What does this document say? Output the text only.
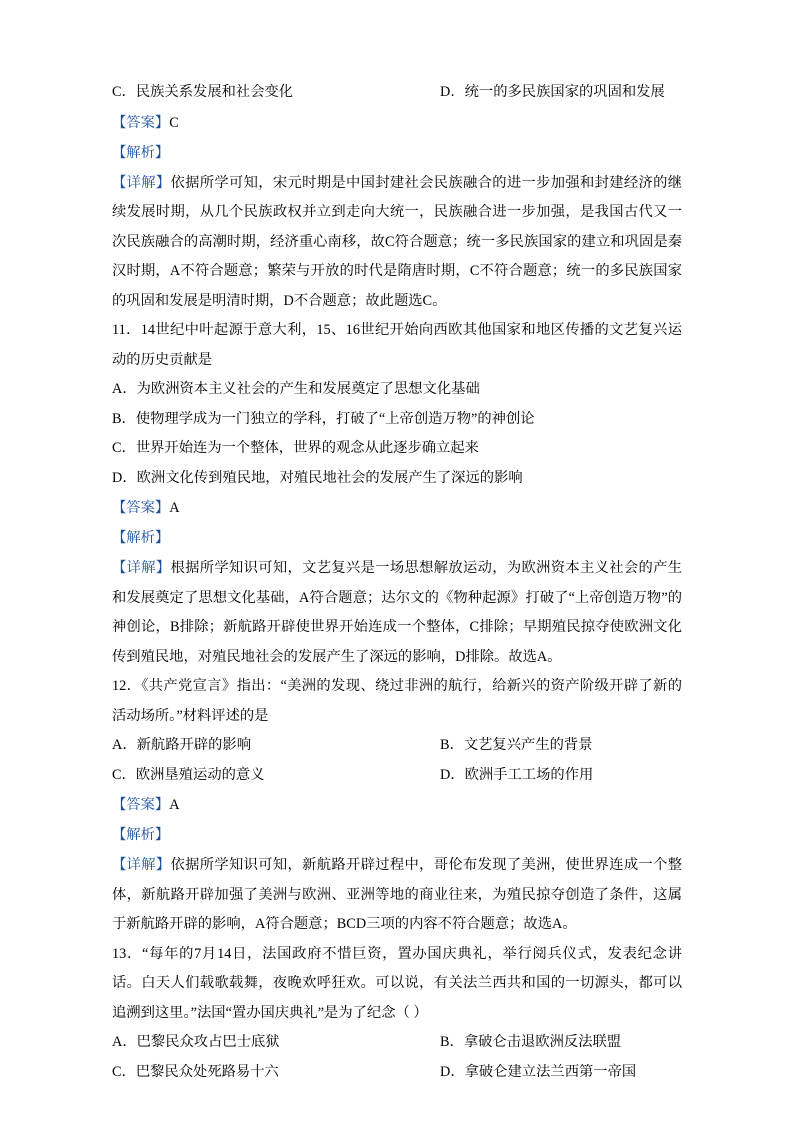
C．民族关系发展和社会变化	D．统一的多民族国家的巩固和发展
【答案】C
【解析】

【详解】依据所学可知，宋元时期是中国封建社会民族融合的进一步加强和封建经济的继续发展时期，从几个民族政权并立到走向大统一，民族融合进一步加强，是我国古代又一次民族融合的高潮时期，经济重心南移，故C符合题意；统一多民族国家的建立和巩固是秦汉时期，A不符合题意；繁荣与开放的时代是隋唐时期，C不符合题意；统一的多民族国家的巩固和发展是明清时期，D不合题意；故此题选C。

11．14世纪中叶起源于意大利，15、16世纪开始向西欧其他国家和地区传播的文艺复兴运动的历史贡献是

A．为欧洲资本主义社会的产生和发展奠定了思想文化基础
B．使物理学成为一门独立的学科，打破了“上帝创造万物”的神创论
C．世界开始连为一个整体，世界的观念从此逐步确立起来
D．欧洲文化传到殖民地，对殖民地社会的发展产生了深远的影响
【答案】A
【解析】

【详解】根据所学知识可知，文艺复兴是一场思想解放运动，为欧洲资本主义社会的产生和发展奠定了思想文化基础，A符合题意；达尔文的《物种起源》打破了“上帝创造万物”的神创论，B排除；新航路开辟使世界开始连成一个整体，C排除；早期殖民掠夺使欧洲文化传到殖民地，对殖民地社会的发展产生了深远的影响，D排除。故选A。

12．《共产党宣言》指出：“美洲的发现、绕过非洲的航行，给新兴的资产阶级开辟了新的活动场所。”材料评述的是

A．新航路开辟的影响	B．文艺复兴产生的背景
C．欧洲垦殖运动的意义	D．欧洲手工工场的作用
【答案】A
【解析】

【详解】依据所学知识可知，新航路开辟过程中，哥伦布发现了美洲，使世界连成一个整体，新航路开辟加强了美洲与欧洲、亚洲等地的商业往来，为殖民掠夺创造了条件，这属于新航路开辟的影响，A符合题意；BCD三项的内容不符合题意；故选A。

13．“每年的7月14日，法国政府不惜巨资，置办国庆典礼，举行阅兵仪式，发表纪念讲话。白天人们载歌载舞，夜晚欢呼狂欢。可以说，有关法兰西共和国的一切源头，都可以追溯到这里。”法国“置办国庆典礼”是为了纪念（ ）

A．巴黎民众攻占巴士底狱	B．拿破仑击退欧洲反法联盟
C．巴黎民众处死路易十六	D．拿破仑建立法兰西第一帝国
